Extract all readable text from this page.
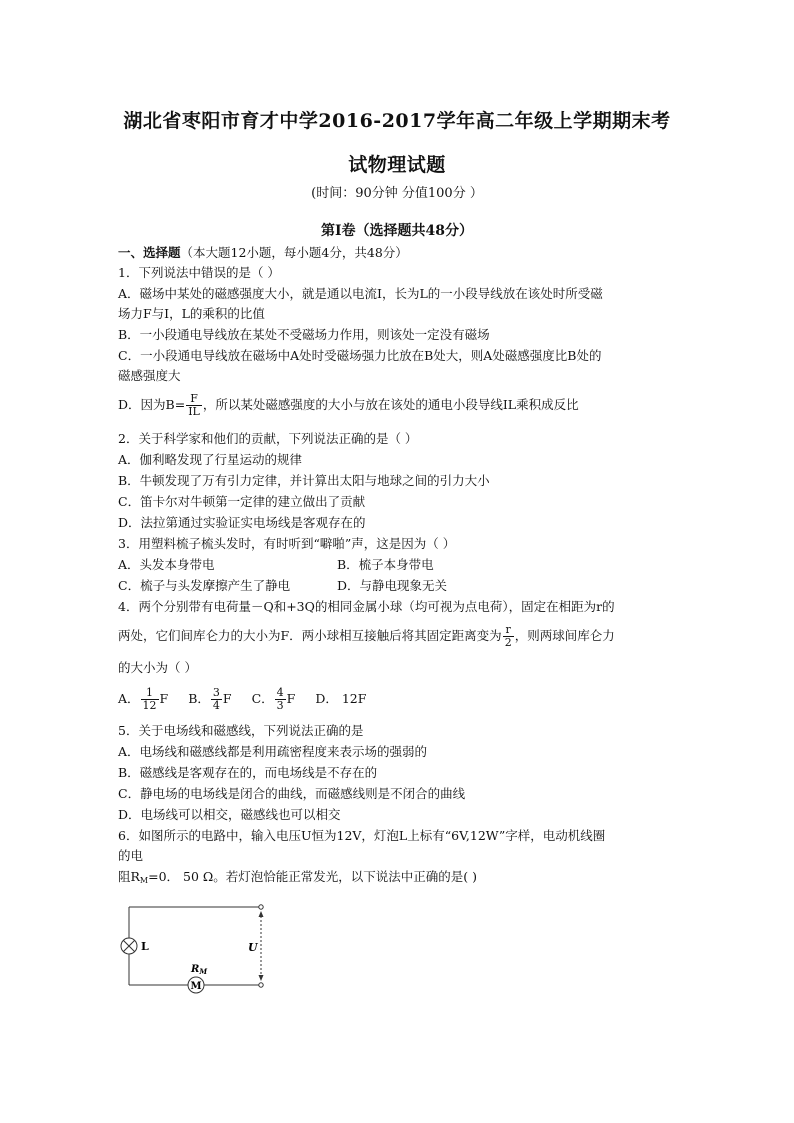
湖北省枣阳市育才中学2016-2017学年高二年级上学期期末考
试物理试题
(时间：90分钟 分值100分 ）
第Ⅰ卷（选择题共48分）
一、选择题（本大题12小题，每小题4分，共48分）
1．下列说法中错误的是（ ）
A．磁场中某处的磁感强度大小，就是通以电流I，长为L的一小段导线放在该处时所受磁
场力F与I，L的乘积的比值
B．一小段通电导线放在某处不受磁场力作用，则该处一定没有磁场
C．一小段通电导线放在磁场中A处时受磁场强力比放在B处大，则A处磁感强度比B处的
磁感强度大
D．因为$B= \frac{F}{IL}$ ，所以某处磁感强度的大小与放在该处的通电小段导线IL乘积成反比
2．关于科学家和他们的贡献，下列说法正确的是（ ）
A．伽利略发现了行星运动的规律
B．牛顿发现了万有引力定律，并计算出太阳与地球之间的引力大小
C．笛卡尔对牛顿第一定律的建立做出了贡献
D．法拉第通过实验证实电场线是客观存在的
3．用塑料梳子梳头发时，有时听到“噼啪”声，这是因为（ ）
A．头发本身带电	B．梳子本身带电
C．梳子与头发摩擦产生了静电	D．与静电现象无关
4．两个分别带有电荷量－Q和+3Q的相同金属小球（均可视为点电荷），固定在相距为r的
两处，它们间库仑力的大小为F．两小球相互接触后将其固定距离变为 $\frac{r}{2}$ ，则两球间库仑力
的大小为（ ）
A． $\frac{1}{12}$ F B． $\frac{3}{4}$ F C． $\frac{4}{3}$ F D． 12F
5．关于电场线和磁感线，下列说法正确的是
A．电场线和磁感线都是利用疏密程度来表示场的强弱的
B．磁感线是客观存在的，而电场线是不存在的
C．静电场的电场线是闭合的曲线，而磁感线则是不闭合的曲线
D．电场线可以相交，磁感线也可以相交
6．如图所示的电路中，输入电压U恒为12V，灯泡L上标有“6V,12W”字样，电动机线圈
的电
阻$R_M=0$． 50 Ω。若灯泡恰能正常发光，以下说法中正确的是( )
L
$R_M$
M
U
